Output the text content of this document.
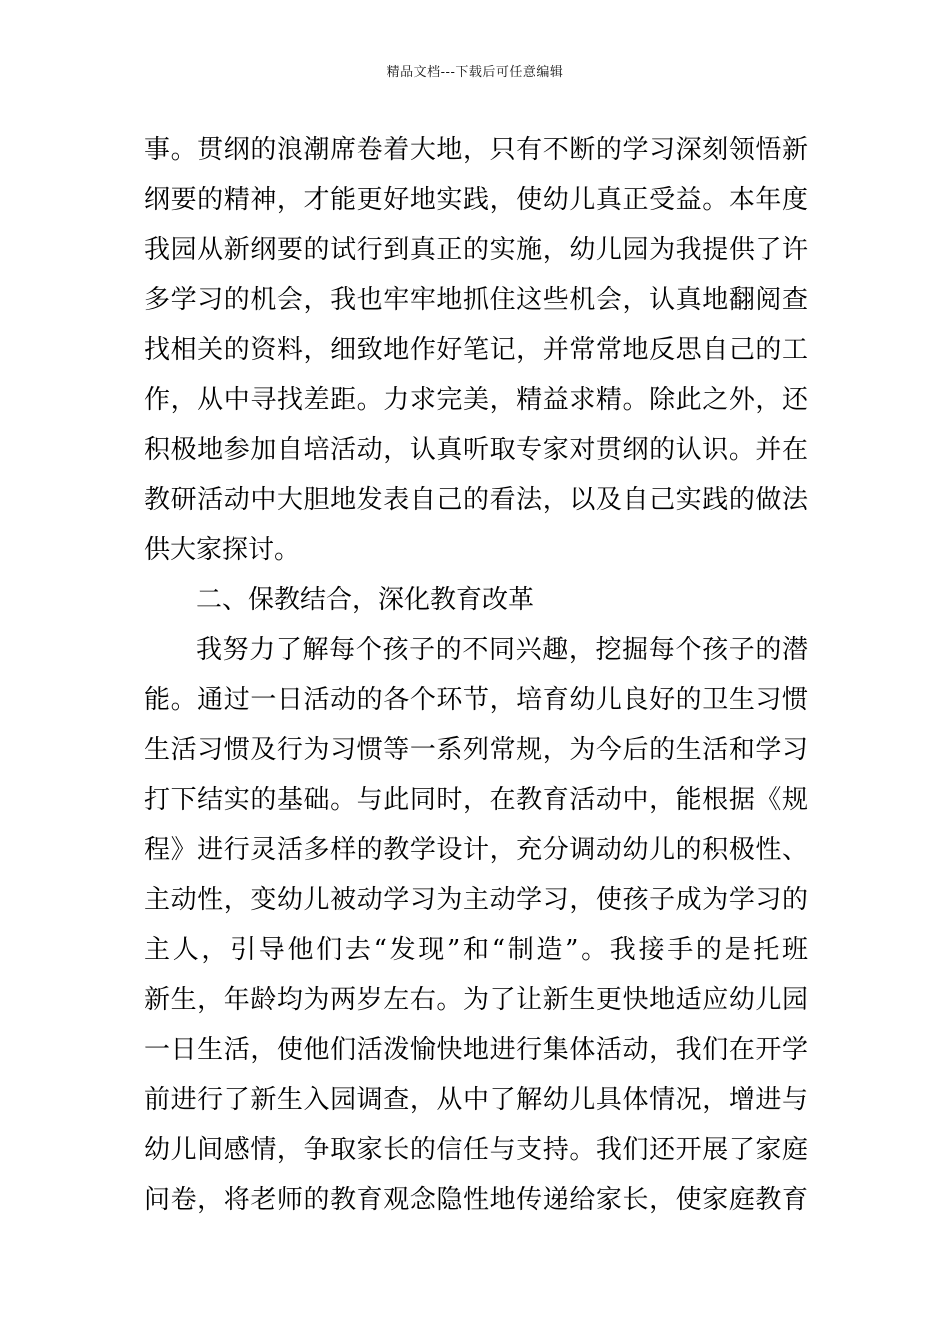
精品文档---下载后可任意编辑
事。贯纲的浪潮席卷着大地，只有不断的学习深刻领悟新
纲要的精神，才能更好地实践，使幼儿真正受益。本年度
我园从新纲要的试行到真正的实施，幼儿园为我提供了许
多学习的机会，我也牢牢地抓住这些机会，认真地翻阅查
找相关的资料，细致地作好笔记，并常常地反思自己的工
作，从中寻找差距。力求完美，精益求精。除此之外，还
积极地参加自培活动，认真听取专家对贯纲的认识。并在
教研活动中大胆地发表自己的看法，以及自己实践的做法
供大家探讨。
二、保教结合，深化教育改革
我努力了解每个孩子的不同兴趣，挖掘每个孩子的潜
能。通过一日活动的各个环节，培育幼儿良好的卫生习惯
生活习惯及行为习惯等一系列常规，为今后的生活和学习
打下结实的基础。与此同时，在教育活动中，能根据《规
程》进行灵活多样的教学设计，充分调动幼儿的积极性、
主动性，变幼儿被动学习为主动学习，使孩子成为学习的
主人，引导他们去“发现”和“制造”。我接手的是托班
新生，年龄均为两岁左右。为了让新生更快地适应幼儿园
一日生活，使他们活泼愉快地进行集体活动，我们在开学
前进行了新生入园调查，从中了解幼儿具体情况，增进与
幼儿间感情，争取家长的信任与支持。我们还开展了家庭
问卷，将老师的教育观念隐性地传递给家长，使家庭教育
